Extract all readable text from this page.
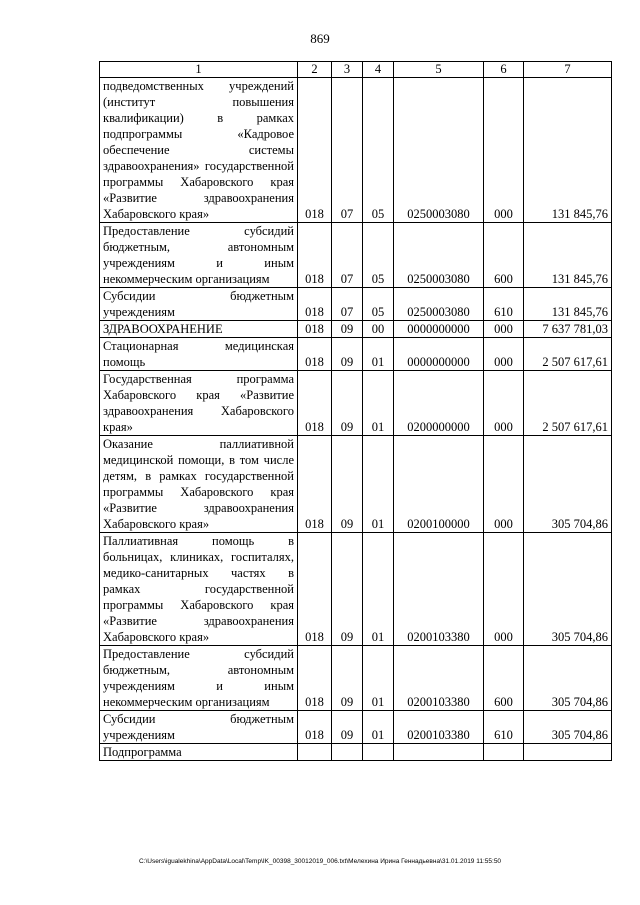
869
1	2	3	4	5	6	7
подведомственных учреждений (институт повышения квалификации) в рамках подпрограммы «Кадровое обеспечение системы здравоохранения» государственной программы Хабаровского края «Развитие здравоохранения Хабаровского края»	018	07	05	0250003080	000	131 845,76
Предоставление субсидий бюджетным, автономным учреждениям и иным некоммерческим организациям	018	07	05	0250003080	600	131 845,76
Субсидии бюджетным учреждениям	018	07	05	0250003080	610	131 845,76
ЗДРАВООХРАНЕНИЕ	018	09	00	0000000000	000	7 637 781,03
Стационарная медицинская помощь	018	09	01	0000000000	000	2 507 617,61
Государственная программа Хабаровского края «Развитие здравоохранения Хабаровского края»	018	09	01	0200000000	000	2 507 617,61
Оказание паллиативной медицинской помощи, в том числе детям, в рамках государственной программы Хабаровского края «Развитие здравоохранения Хабаровского края»	018	09	01	0200100000	000	305 704,86
Паллиативная помощь в больницах, клиниках, госпиталях, медико-санитарных частях в рамках государственной программы Хабаровского края «Развитие здравоохранения Хабаровского края»	018	09	01	0200103380	000	305 704,86
Предоставление субсидий бюджетным, автономным учреждениям и иным некоммерческим организациям	018	09	01	0200103380	600	305 704,86
Субсидии бюджетным учреждениям	018	09	01	0200103380	610	305 704,86
Подпрограмма						
C:\Users\igualekhina\AppData\Local\Temp\IK_00398_30012019_006.txt\Мелехина Ирина Геннадьевна\31.01.2019 11:55:50
